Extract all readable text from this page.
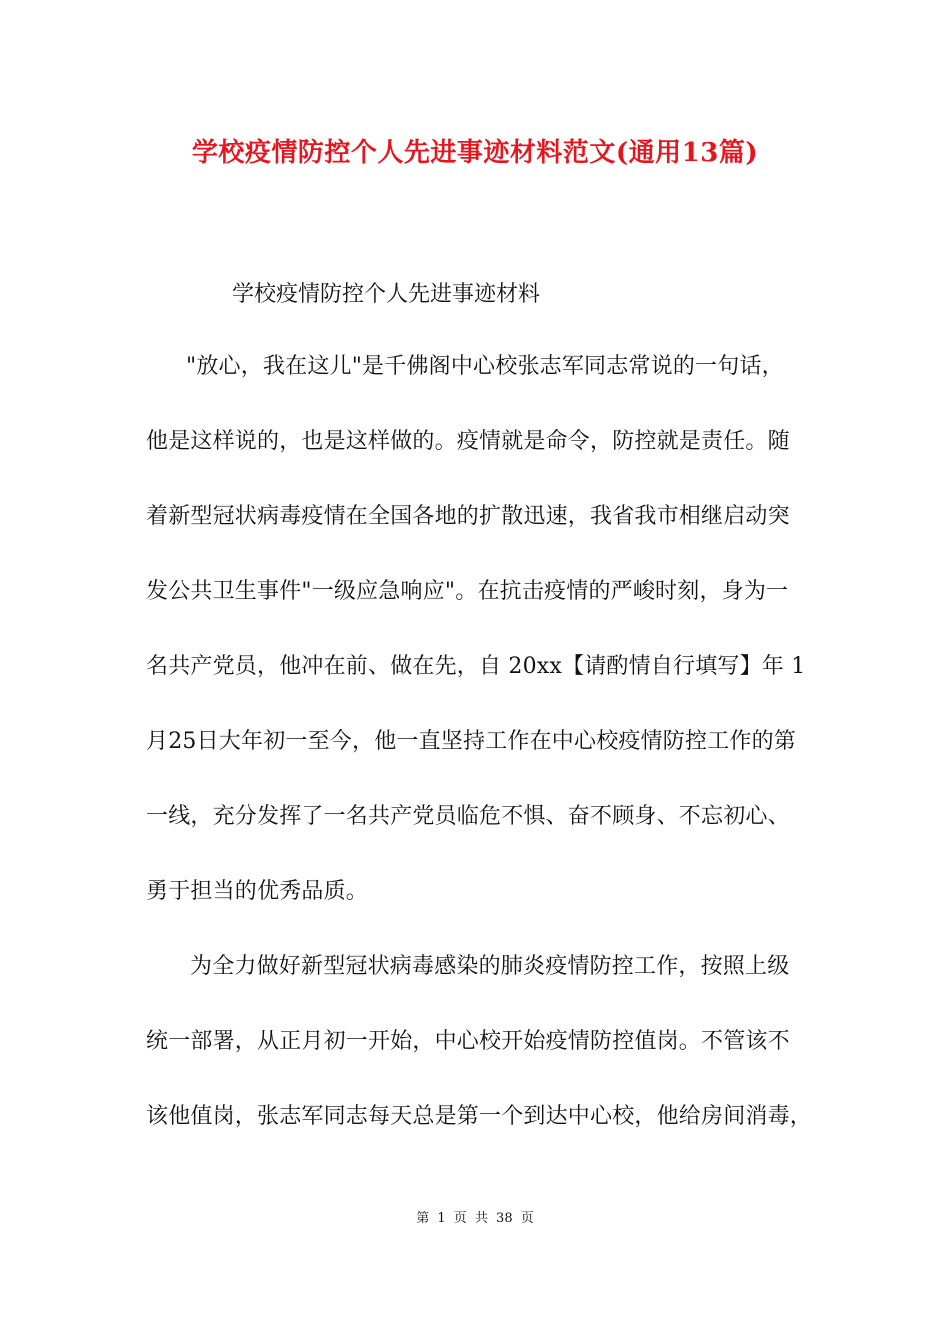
学校疫情防控个人先进事迹材料范文(通用13篇)
学校疫情防控个人先进事迹材料
"放心，我在这儿"是千佛阁中心校张志军同志常说的一句话，
他是这样说的，也是这样做的。疫情就是命令，防控就是责任。随
着新型冠状病毒疫情在全国各地的扩散迅速，我省我市相继启动突
发公共卫生事件"一级应急响应"。在抗击疫情的严峻时刻，身为一
名共产党员，他冲在前、做在先，自 20xx【请酌情自行填写】年 1
月25日大年初一至今，他一直坚持工作在中心校疫情防控工作的第
一线，充分发挥了一名共产党员临危不惧、奋不顾身、不忘初心、
勇于担当的优秀品质。
为全力做好新型冠状病毒感染的肺炎疫情防控工作，按照上级
统一部署，从正月初一开始，中心校开始疫情防控值岗。不管该不
该他值岗，张志军同志每天总是第一个到达中心校，他给房间消毒，
第 1 页 共 38 页
